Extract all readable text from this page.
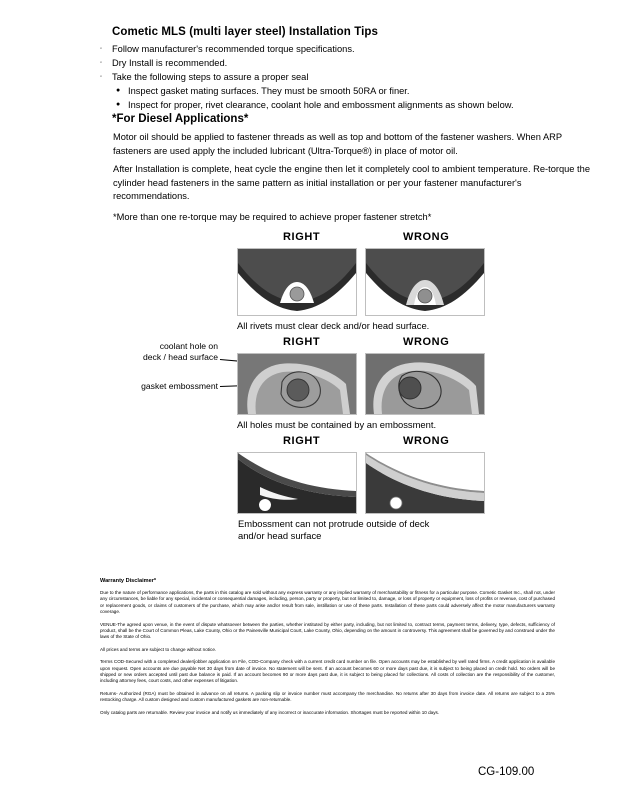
Cometic MLS (multi layer steel) Installation Tips
◦	Follow manufacturer's recommended torque specifications.
◦	Dry Install is recommended.
◦	Take the following steps to assure a proper seal
● Inspect gasket mating surfaces. They must be smooth 50RA or finer.
● Inspect for proper, rivet clearance, coolant hole and embossment alignments as shown below.
*For Diesel Applications*
Motor oil should be applied to fastener threads as well as top and bottom of the fastener washers. When ARP fasteners are used apply the included lubricant (Ultra-Torque®) in place of motor oil.
After Installation is complete, heat cycle the engine then let it completely cool to ambient temperature. Re-torque the cylinder head fasteners in the same pattern as initial installation or per your fastener manufacturer's recommendations.
*More than one re-torque may be required to achieve proper fastener stretch*
RIGHT	WRONG
All rivets must clear deck and/or head surface.
RIGHT	WRONG
coolant hole on
deck / head surface
gasket embossment
All holes must be contained by an embossment.
RIGHT	WRONG
Embossment can not protrude outside of deck
and/or head surface
Warranty Disclaimer*

Due to the nature of performance applications, the parts in this catalog are sold without any express warranty or any implied warranty of merchantability or fitness for a particular purpose. Cometic Gasket Inc., shall not, under any circumstances, be liable for any special, incidental or consequential damages, including, person, party or property, but not limited to, damage, or loss of property or equipment, loss of profits or revenue, cost of purchased or replacement goods, or claims of customers of the purchase, which may arise and/or result from sale, instillation or use of these parts. Installation of these parts could adversely affect the motor manufacturers warranty coverage.

VENUE-The agreed upon venue, in the event of dispute whatsoever between the parties, whether instituted by either party, including, but not limited to, contract terms, payment terms, delivery, type, defects, sufficiency of product, shall be the Court of Common Pleas, Lake County, Ohio or the Painesville Municipal Court, Lake County, Ohio, depending on the amount in controversy. This agreement shall be governed by and construed under the laws of the State of Ohio.

All prices and terms are subject to change without notice.

Terms COD-Secured with a completed dealer/jobber application on File, COD-Company check with a current credit card number on file. Open accounts may be established by well rated firms. A credit application is available upon request. Open accounts are due payable Net 30 days from date of invoice. No statement will be sent. If an account becomes 60 or more days past due, it is subject to being placed on credit hold. No orders will be shipped or new orders accepted until past due balance is paid. If an account becomes 90 or more days past due, it is subject to being placed for collections. All costs of collection are the responsibility of the customer, including attorney fees, court costs, and other expenses of litigation.

Returns- Authorized (RGA) must be obtained in advance on all returns. A packing slip or invoice number must accompany the merchandise. No returns after 30 days from invoice date. All returns are subject to a 25% restocking charge. All custom designed and custom manufactured gaskets are non-returnable.

Only catalog parts are returnable. Review your invoice and notify us immediately of any incorrect or inaccurate information. Shortages must be reported within 10 days.

CG-109.00
